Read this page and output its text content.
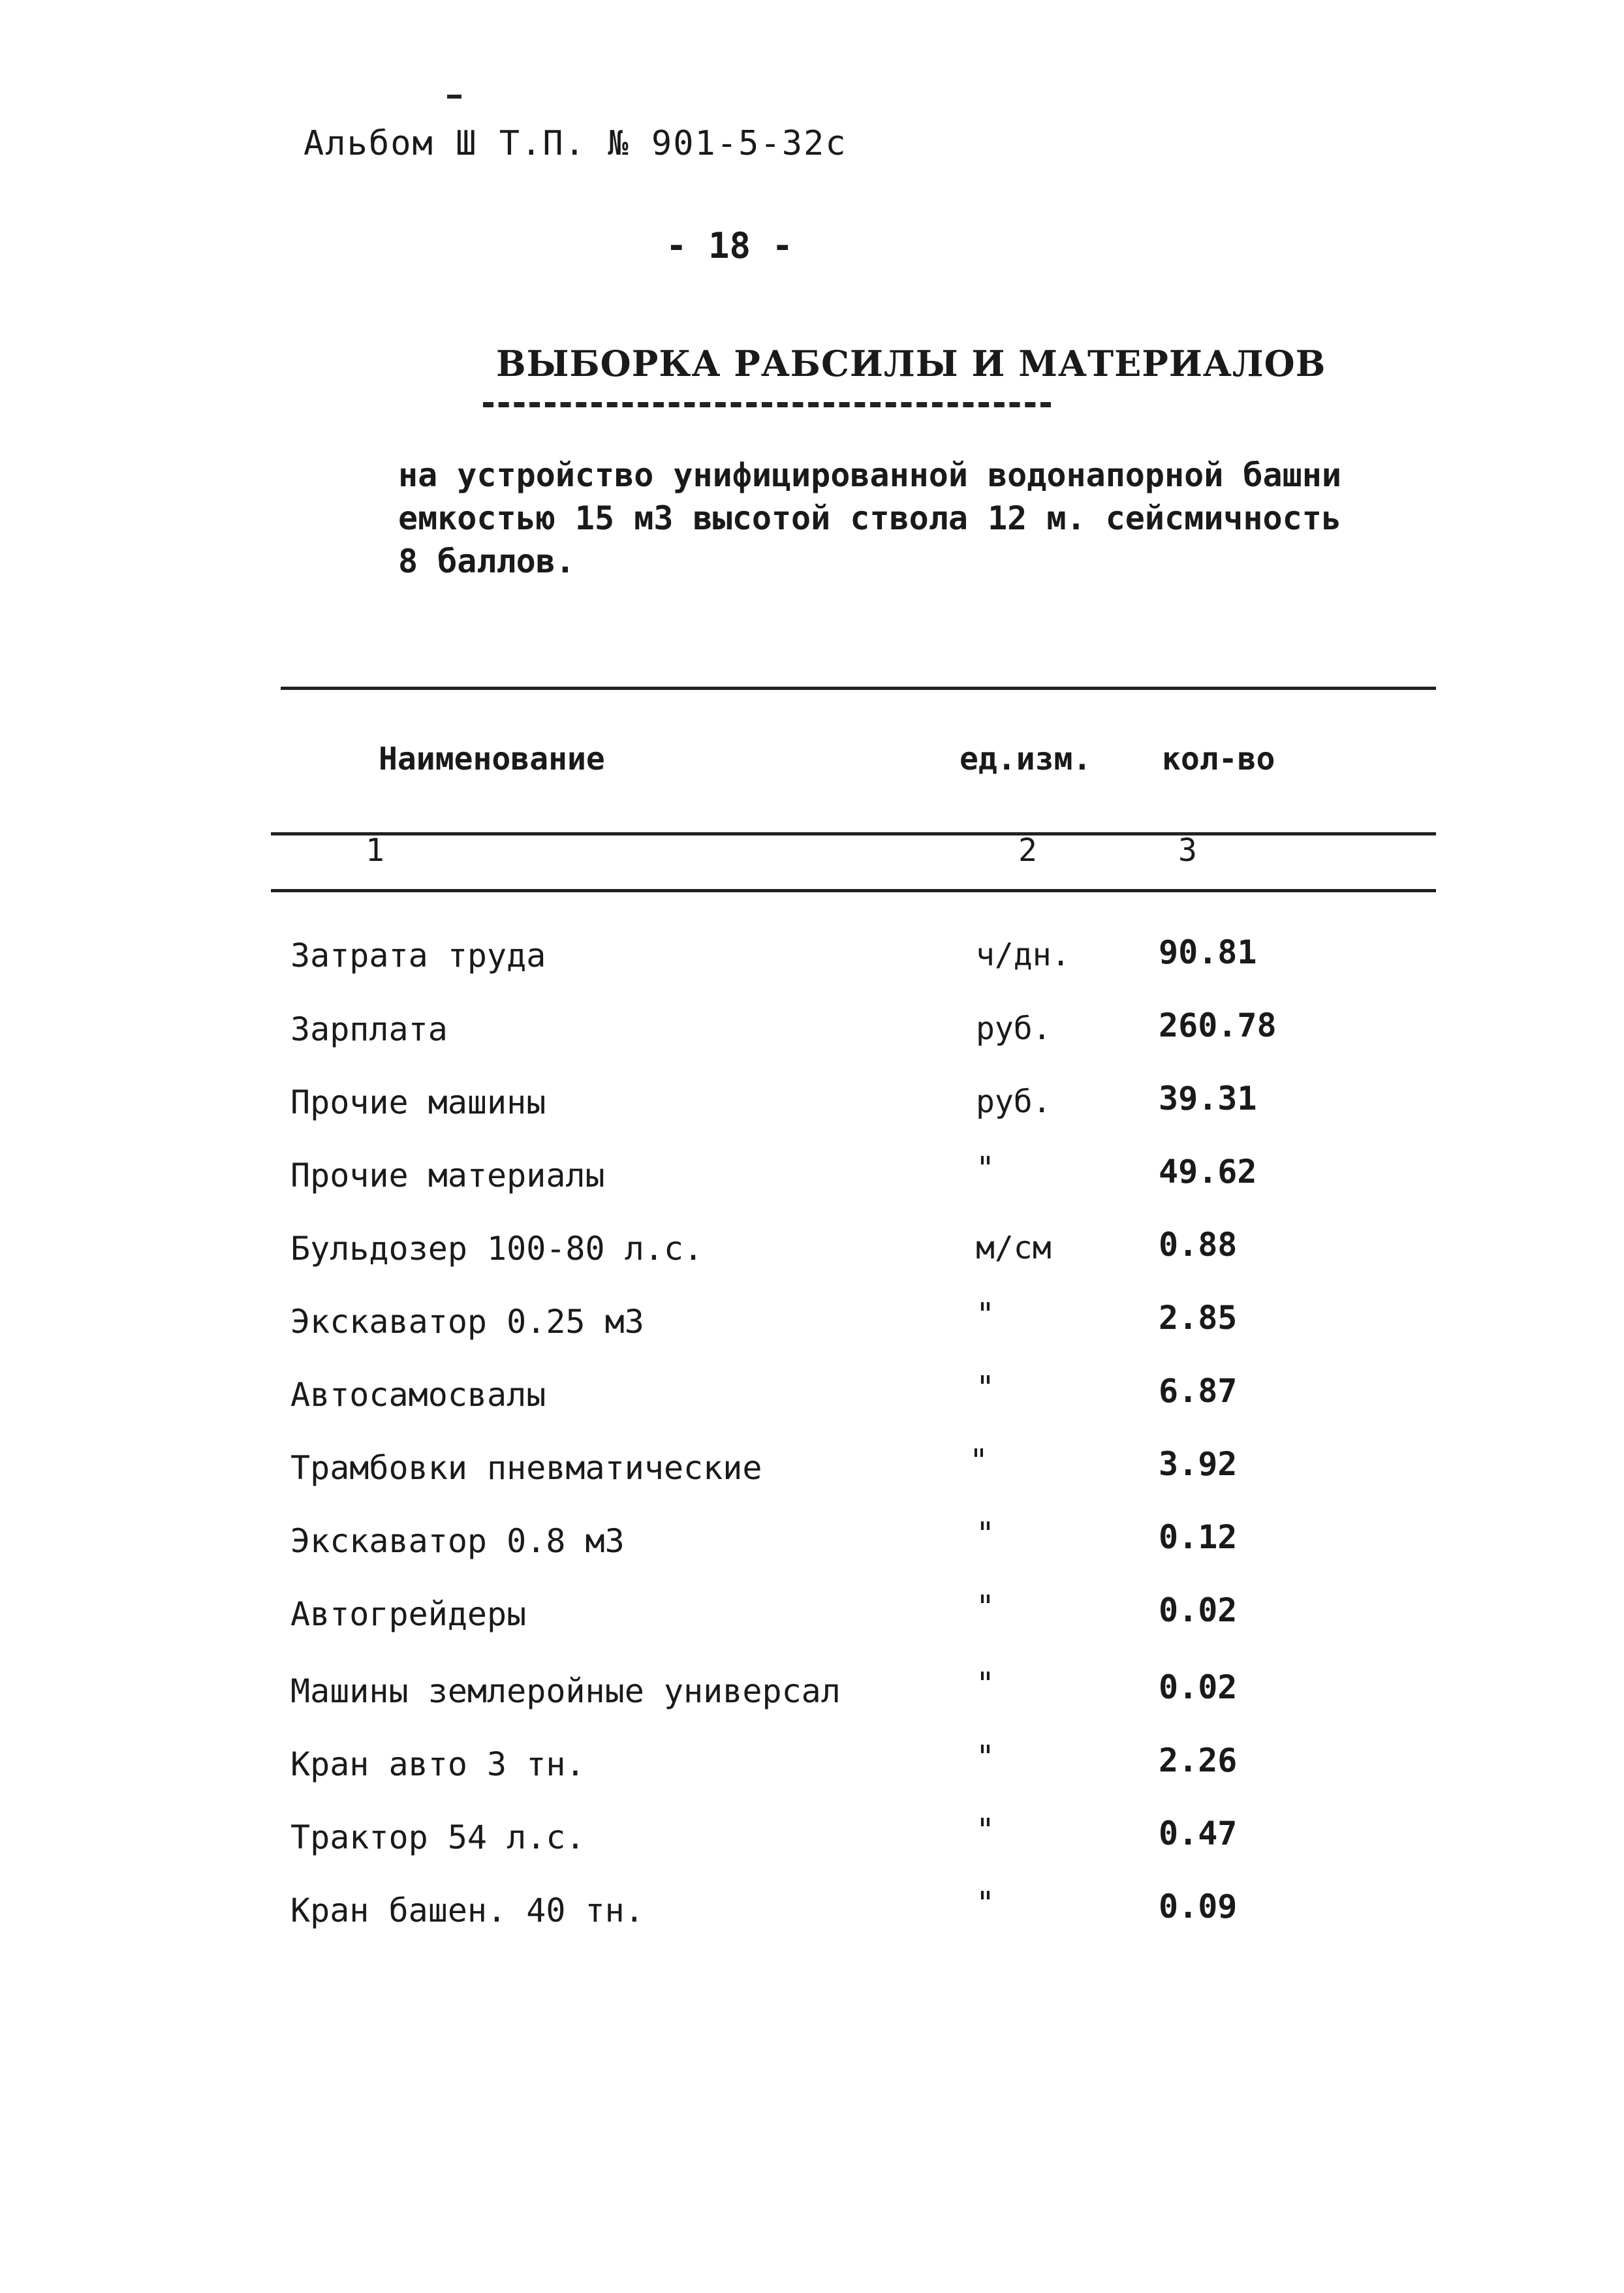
Альбом Ш Т.П. № 901-5-32с
- 18 -
ВЫБОРКА РАБСИЛЫ И МАТЕРИАЛОВ
на устройство унифицированной водонапорной башни
емкостью 15 м3 высотой ствола 12 м. сейсмичность
8 баллов.
Наименование	ед.изм. кол-во
1	2	3
Затрата труда	ч/дн.	90.81
Зарплата	руб.	260.78
Прочие машины	руб.	39.31
Прочие материалы	"	49.62
Бульдозер 100-80 л.с.	м/см	0.88
Экскаватор 0.25 м3	"	2.85
Автосамосвалы	"	6.87
Трамбовки пневматические	"	3.92
Экскаватор 0.8 м3	"	0.12
Автогрейдеры	"	0.02
Машины землеройные универсал	"	0.02
Кран авто 3 тн.	"	2.26
Трактор 54 л.с.	"	0.47
Кран башен. 40 тн.	"	0.09
